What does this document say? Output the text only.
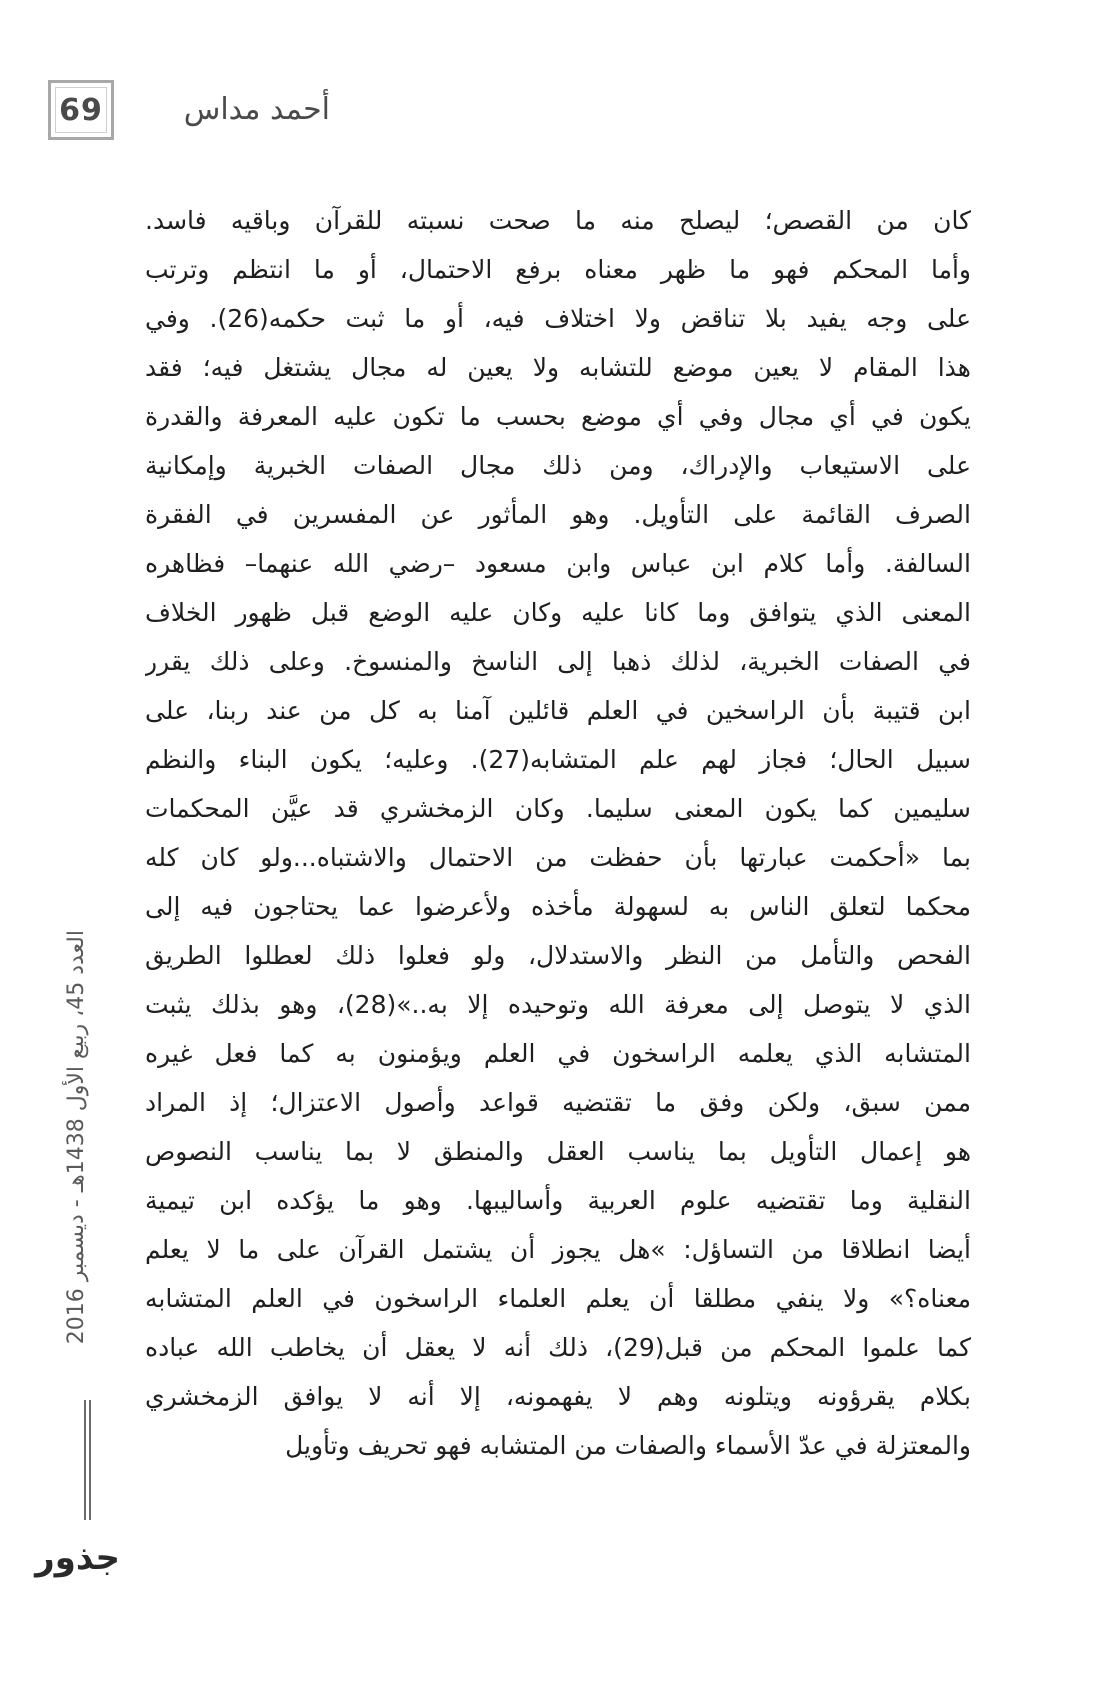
69	أحمد مداس
كان من القصص؛ ليصلح منه ما صحت نسبته للقرآن وباقيه فاسد.
وأما المحكم فهو ما ظهر معناه برفع الاحتمال، أو ما انتظم وترتب
على وجه يفيد بلا تناقض ولا اختلاف فيه، أو ما ثبت حكمه(26). وفي
هذا المقام لا يعين موضع للتشابه ولا يعين له مجال يشتغل فيه؛ فقد
يكون في أي مجال وفي أي موضع بحسب ما تكون عليه المعرفة والقدرة
على الاستيعاب والإدراك، ومن ذلك مجال الصفات الخبرية وإمكانية
الصرف القائمة على التأويل. وهو المأثور عن المفسرين في الفقرة
السالفة. وأما كلام ابن عباس وابن مسعود –رضي الله عنهما– فظاهره
المعنى الذي يتوافق وما كانا عليه وكان عليه الوضع قبل ظهور الخلاف
في الصفات الخبرية، لذلك ذهبا إلى الناسخ والمنسوخ. وعلى ذلك يقرر
ابن قتيبة بأن الراسخين في العلم قائلين آمنا به كل من عند ربنا، على
سبيل الحال؛ فجاز لهم علم المتشابه(27). وعليه؛ يكون البناء والنظم
سليمين كما يكون المعنى سليما. وكان الزمخشري قد عيَّن المحكمات
بما «أحكمت عبارتها بأن حفظت من الاحتمال والاشتباه...ولو كان كله
محكما لتعلق الناس به لسهولة مأخذه ولأعرضوا عما يحتاجون فيه إلى
الفحص والتأمل من النظر والاستدلال، ولو فعلوا ذلك لعطلوا الطريق
الذي لا يتوصل إلى معرفة الله وتوحيده إلا به..»(28)، وهو بذلك يثبت
المتشابه الذي يعلمه الراسخون في العلم ويؤمنون به كما فعل غيره
ممن سبق، ولكن وفق ما تقتضيه قواعد وأصول الاعتزال؛ إذ المراد
هو إعمال التأويل بما يناسب العقل والمنطق لا بما يناسب النصوص
النقلية وما تقتضيه علوم العربية وأساليبها. وهو ما يؤكده ابن تيمية
أيضا انطلاقا من التساؤل: »هل يجوز أن يشتمل القرآن على ما لا يعلم
معناه؟» ولا ينفي مطلقا أن يعلم العلماء الراسخون في العلم المتشابه
كما علموا المحكم من قبل(29)، ذلك أنه لا يعقل أن يخاطب الله عباده
بكلام يقرؤونه ويتلونه وهم لا يفهمونه، إلا أنه لا يوافق الزمخشري
والمعتزلة في عدّ الأسماء والصفات من المتشابه فهو تحريف وتأويل
العدد 45، ربيع الأول 1438هـ - ديسمبر 2016
جذور
